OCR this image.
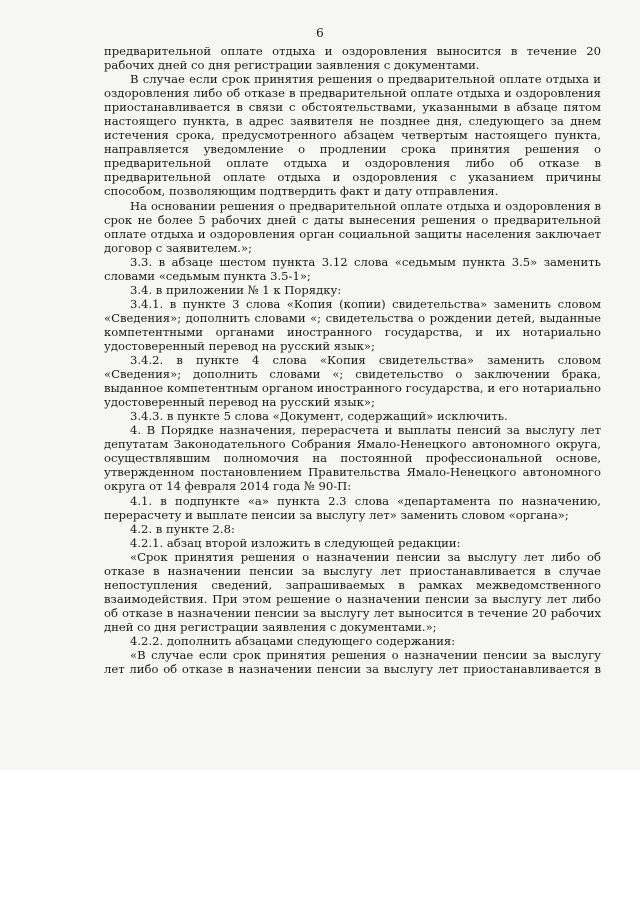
6

предварительной оплате отдыха и оздоровления выносится в течение 20 рабочих дней со дня регистрации заявления с документами.

В случае если срок принятия решения о предварительной оплате отдыха и оздоровления либо об отказе в предварительной оплате отдыха и оздоровления приостанавливается в связи с обстоятельствами, указанными в абзаце пятом настоящего пункта, в адрес заявителя не позднее дня, следующего за днем истечения срока, предусмотренного абзацем четвертым настоящего пункта, направляется уведомление о продлении срока принятия решения о предварительной оплате отдыха и оздоровления либо об отказе в предварительной оплате отдыха и оздоровления с указанием причины способом, позволяющим подтвердить факт и дату отправления.

На основании решения о предварительной оплате отдыха и оздоровления в срок не более 5 рабочих дней с даты вынесения решения о предварительной оплате отдыха и оздоровления орган социальной защиты населения заключает договор с заявителем.»;

3.3. в абзаце шестом пункта 3.12 слова «седьмым пункта 3.5» заменить словами «седьмым пункта 3.5-1»;

3.4. в приложении № 1 к Порядку:

3.4.1. в пункте 3 слова «Копия (копии) свидетельства» заменить словом «Сведения»; дополнить словами «; свидетельства о рождении детей, выданные компетентными органами иностранного государства, и их нотариально удостоверенный перевод на русский язык»;

3.4.2. в пункте 4 слова «Копия свидетельства» заменить словом «Сведения»; дополнить словами «; свидетельство о заключении брака, выданное компетентным органом иностранного государства, и его нотариально удостоверенный перевод на русский язык»;

3.4.3. в пункте 5 слова «Документ, содержащий» исключить.

4. В Порядке назначения, перерасчета и выплаты пенсий за выслугу лет депутатам Законодательного Собрания Ямало-Ненецкого автономного округа, осуществлявшим полномочия на постоянной профессиональной основе, утвержденном постановлением Правительства Ямало-Ненецкого автономного округа от 14 февраля 2014 года № 90-П:

4.1. в подпункте «а» пункта 2.3 слова «департамента по назначению, перерасчету и выплате пенсии за выслугу лет» заменить словом «органа»;

4.2. в пункте 2.8:

4.2.1. абзац второй изложить в следующей редакции:

«Срок принятия решения о назначении пенсии за выслугу лет либо об отказе в назначении пенсии за выслугу лет приостанавливается в случае непоступления сведений, запрашиваемых в рамках межведомственного взаимодействия. При этом решение о назначении пенсии за выслугу лет либо об отказе в назначении пенсии за выслугу лет выносится в течение 20 рабочих дней со дня регистрации заявления с документами.»;

4.2.2. дополнить абзацами следующего содержания:

«В случае если срок принятия решения о назначении пенсии за выслугу лет либо об отказе в назначении пенсии за выслугу лет приостанавливается в
